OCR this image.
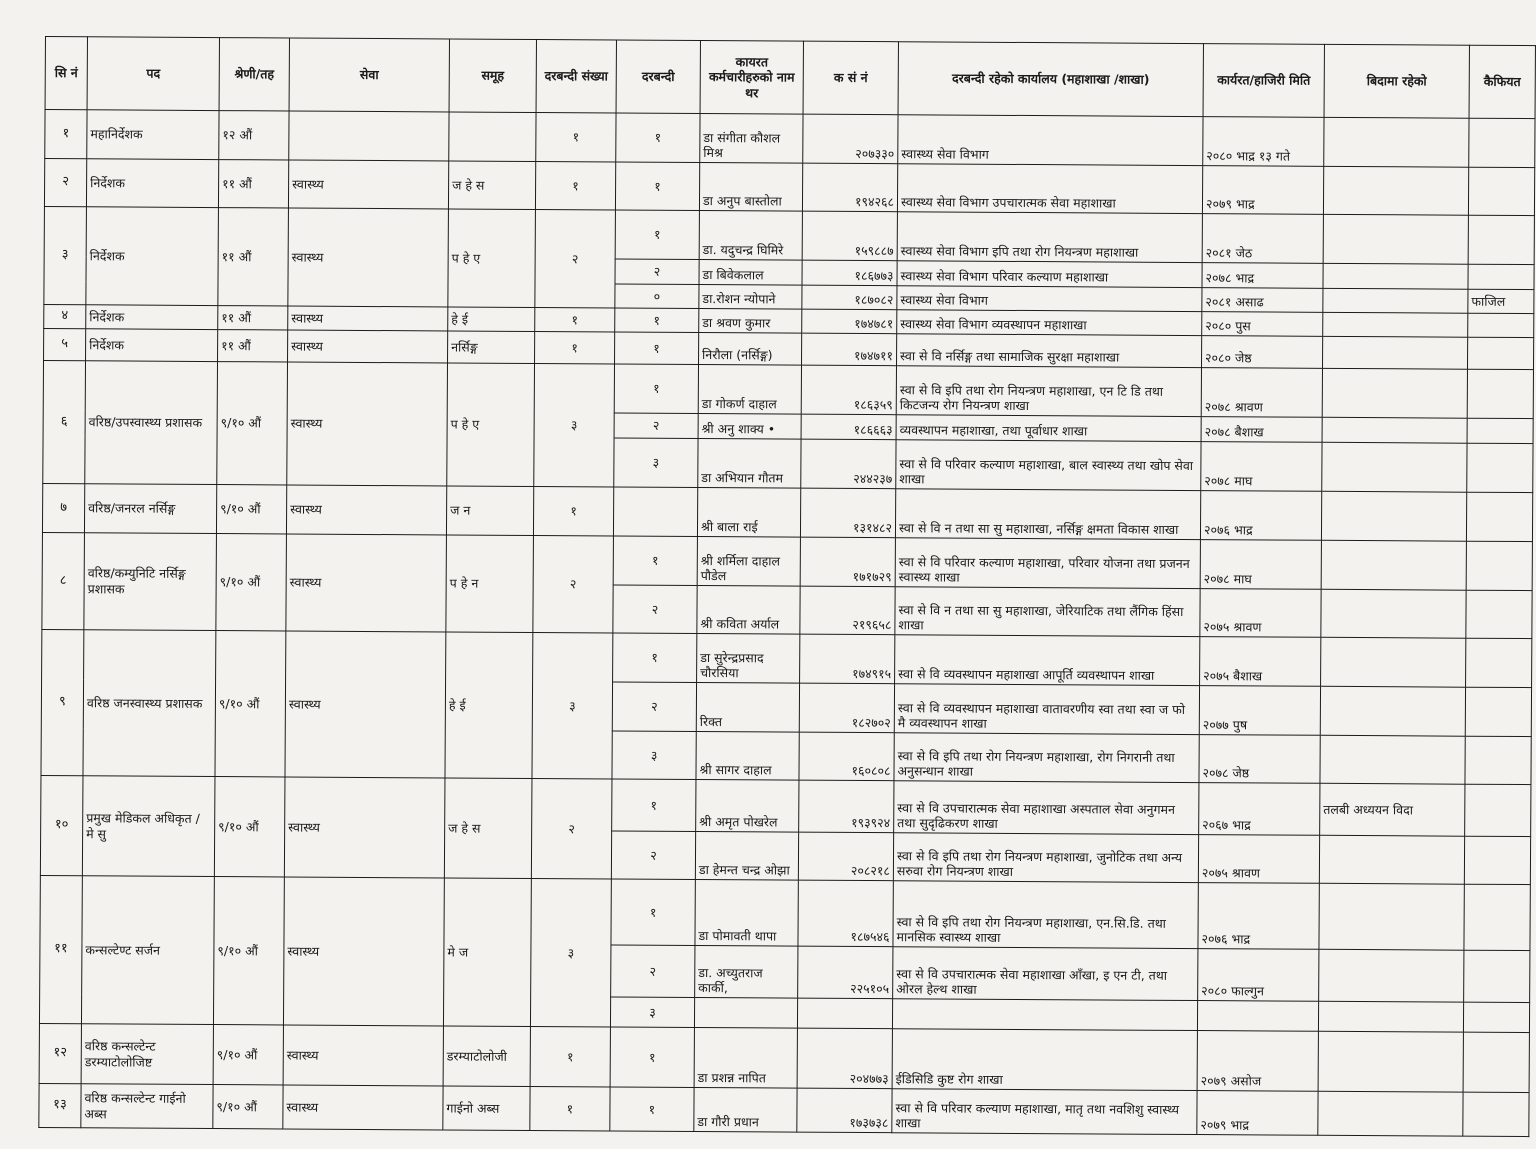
सि नं	पद	श्रेणी/तह	सेवा	समूह	दरबन्दी संख्या	दरबन्दी	कायरत कर्मचारीहरुको नाम थर	क सं नं	दरबन्दी रहेको कार्यालय (महाशाखा /शाखा)	कार्यरत/हाजिरी मिति	बिदामा रहेको	कैफियत
१	महानिर्देशक	१२ औं			१	१	डा संगीता कौशल मिश्र	२०७३३०	स्वास्थ्य सेवा विभाग	२०८० भाद्र १३ गते		
२	निर्देशक	११ औं	स्वास्थ्य	ज हे स	१	१	डा अनुप बास्तोला	१९४२६८	स्वास्थ्य सेवा विभाग उपचारात्मक सेवा महाशाखा	२०७९ भाद्र		
३	निर्देशक	११ औं	स्वास्थ्य	प हे ए	२	१	डा. यदुचन्द्र घिमिरे	१५९८८७	स्वास्थ्य सेवा विभाग इपि तथा रोग नियन्त्रण महाशाखा	२०८१ जेठ		
						२	डा बिवेकलाल	१८६७७३	स्वास्थ्य सेवा विभाग परिवार कल्याण महाशाखा	२०७८ भाद्र		
						०	डा.रोशन न्योपाने	१८७०८२	स्वास्थ्य सेवा विभाग	२०८१ असाढ		फाजिल
४	निर्देशक	११ औं	स्वास्थ्य	हे ई	१	१	डा श्रवण कुमार	१७४७८१	स्वास्थ्य सेवा विभाग व्यवस्थापन महाशाखा	२०८० पुस		
५	निर्देशक	११ औं	स्वास्थ्य	नर्सिङ्ग	१	१	निरौला (नर्सिङ्ग)	१७४७११	स्वा से वि नर्सिङ्ग तथा सामाजिक सुरक्षा महाशाखा	२०८० जेष्ठ		
६	वरिष्ठ/उपस्वास्थ्य प्रशासक	९/१० औं	स्वास्थ्य	प हे ए	३	१	डा गोकर्ण दाहाल	१८६३५९	स्वा से वि इपि तथा रोग नियन्त्रण महाशाखा, एन टि डि तथा किटजन्य रोग नियन्त्रण शाखा	२०७८ श्रावण		
						२	श्री अनु शाक्य •	१८६६६३	व्यवस्थापन महाशाखा, तथा पूर्वाधार शाखा	२०७८ बैशाख		
						३	डा अभियान गौतम	२४४२३७	स्वा से वि परिवार कल्याण महाशाखा, बाल स्वास्थ्य तथा खोप सेवा शाखा	२०७८ माघ		
७	वरिष्ठ/जनरल नर्सिङ्ग	९/१० औं	स्वास्थ्य	ज न	१		श्री बाला राई	१३१४८२	स्वा से वि न तथा सा सु महाशाखा, नर्सिङ्ग क्षमता विकास शाखा	२०७६ भाद्र		
८	वरिष्ठ/कम्युनिटि नर्सिङ्ग प्रशासक	९/१० औं	स्वास्थ्य	प हे न	२	१	श्री शर्मिला दाहाल पौडेल	१७१७२९	स्वा से वि परिवार कल्याण महाशाखा, परिवार योजना तथा प्रजनन स्वास्थ्य शाखा	२०७८ माघ		
						२	श्री कविता अर्याल	२१९६५८	स्वा से वि न तथा सा सु महाशाखा, जेरियाटिक तथा लैंगिक हिंसा शाखा	२०७५ श्रावण		
९	वरिष्ठ जनस्वास्थ्य प्रशासक	९/१० औं	स्वास्थ्य	हे ई	३	१	डा सुरेन्द्रप्रसाद चौरसिया	१७४९१५	स्वा से वि व्यवस्थापन महाशाखा आपूर्ति व्यवस्थापन शाखा	२०७५ बैशाख		
						२	रिक्त	१८२७०२	स्वा से वि व्यवस्थापन महाशाखा वातावरणीय स्वा तथा स्वा ज फो मै व्यवस्थापन शाखा	२०७७ पुष		
						३	श्री सागर दाहाल	१६०८०८	स्वा से वि इपि तथा रोग नियन्त्रण महाशाखा, रोग निगरानी तथा अनुसन्धान शाखा	२०७८ जेष्ठ		
१०	प्रमुख मेडिकल अधिकृत / मे सु	९/१० औं	स्वास्थ्य	ज हे स	२	१	श्री अमृत पोखरेल	१९३९२४	स्वा से वि उपचारात्मक सेवा महाशाखा अस्पताल सेवा अनुगमन तथा सुदृढिकरण शाखा	२०६७ भाद्र	तलबी अध्ययन विदा	
						२	डा हेमन्त चन्द्र ओझा	२०८२१८	स्वा से वि इपि तथा रोग नियन्त्रण महाशाखा, जुनोटिक तथा अन्य सरुवा रोग नियन्त्रण शाखा	२०७५ श्रावण		
११	कन्सल्टेण्ट सर्जन	९/१० औं	स्वास्थ्य	मे ज	३	१	डा पोमावती थापा	१८७५४६	स्वा से वि इपि तथा रोग नियन्त्रण महाशाखा, एन.सि.डि. तथा मानसिक स्वास्थ्य शाखा	२०७६ भाद्र		
						२	डा. अच्युतराज कार्की,	२२५१०५	स्वा से वि उपचारात्मक सेवा महाशाखा आँखा, इ एन टी, तथा ओरल हेल्थ शाखा	२०८० फाल्गुन		
						३						
१२	वरिष्ठ कन्सल्टेन्ट डरम्याटोलोजिष्ट	९/१० औं	स्वास्थ्य	डरम्याटोलोजी	१	१	डा प्रशन्न नापित	२०४७७३	ईडिसिडि कुष्ट रोग शाखा	२०७९ असोज		
१३	वरिष्ठ कन्सल्टेन्ट गाईनो अब्स	९/१० औं	स्वास्थ्य	गाईनो अब्स	१	१	डा गौरी प्रधान	१७३७३८	स्वा से वि परिवार कल्याण महाशाखा, मातृ तथा नवशिशु स्वास्थ्य शाखा	२०७९ भाद्र		
